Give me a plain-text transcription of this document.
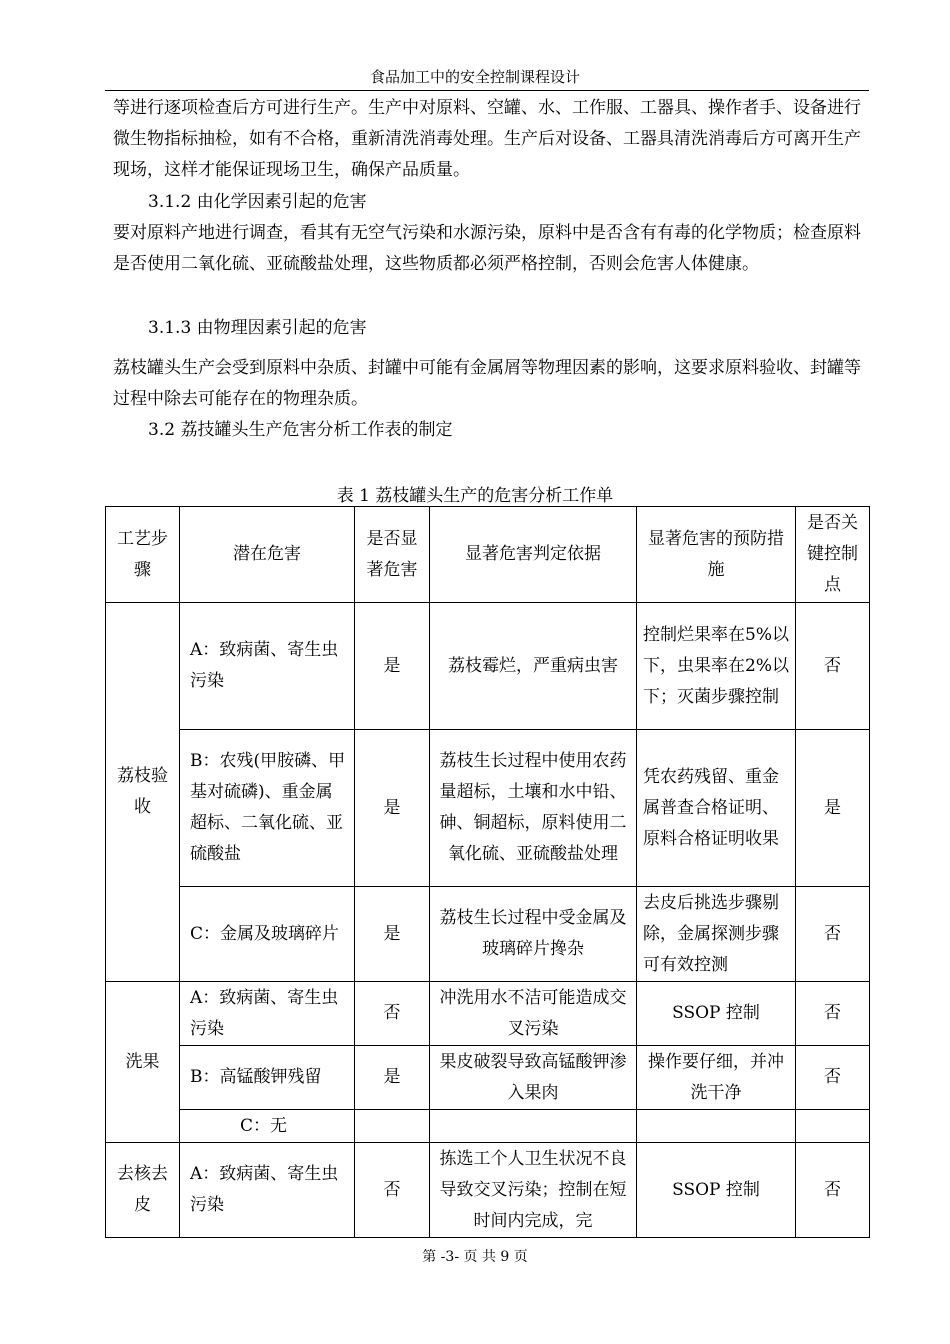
食品加工中的安全控制课程设计

等进行逐项检查后方可进行生产。生产中对原料、空罐、水、工作服、工器具、操作者手、设备进行微生物指标抽检，如有不合格，重新清洗消毒处理。生产后对设备、工器具清洗消毒后方可离开生产现场，这样才能保证现场卫生，确保产品质量。

3.1.2 由化学因素引起的危害

要对原料产地进行调查，看其有无空气污染和水源污染，原料中是否含有有毒的化学物质；检查原料是否使用二氧化硫、亚硫酸盐处理，这些物质都必须严格控制，否则会危害人体健康。

3.1.3 由物理因素引起的危害

荔枝罐头生产会受到原料中杂质、封罐中可能有金属屑等物理因素的影响，这要求原料验收、封罐等过程中除去可能存在的物理杂质。

3.2 荔技罐头生产危害分析工作表的制定

表 1 荔枝罐头生产的危害分析工作单
工艺步骤	潜在危害	是否显著危害	显著危害判定依据	显著危害的预防措施	是否关键控制点
荔枝验收	A：致病菌、寄生虫污染	是	荔枝霉烂，严重病虫害	控制烂果率在5%以下，虫果率在2%以下；灭菌步骤控制	否
	B：农残(甲胺磷、甲基对硫磷)、重金属超标、二氧化硫、亚硫酸盐	是	荔枝生长过程中使用农药量超标，土壤和水中铅、砷、铜超标，原料使用二氧化硫、亚硫酸盐处理	凭农药残留、重金属普查合格证明、原料合格证明收果	是
	C：金属及玻璃碎片	是	荔枝生长过程中受金属及玻璃碎片搀杂	去皮后挑选步骤剔除，金属探测步骤可有效控测	否
洗果	A：致病菌、寄生虫污染	否	冲洗用水不洁可能造成交叉污染	SSOP 控制	否
	B：高锰酸钾残留	是	果皮破裂导致高锰酸钾渗入果肉	操作要仔细，并冲洗干净	否
	C：无				
去核去皮	A：致病菌、寄生虫污染	否	拣选工个人卫生状况不良导致交叉污染；控制在短时间内完成，完	SSOP 控制	否
第 -3- 页 共 9 页
